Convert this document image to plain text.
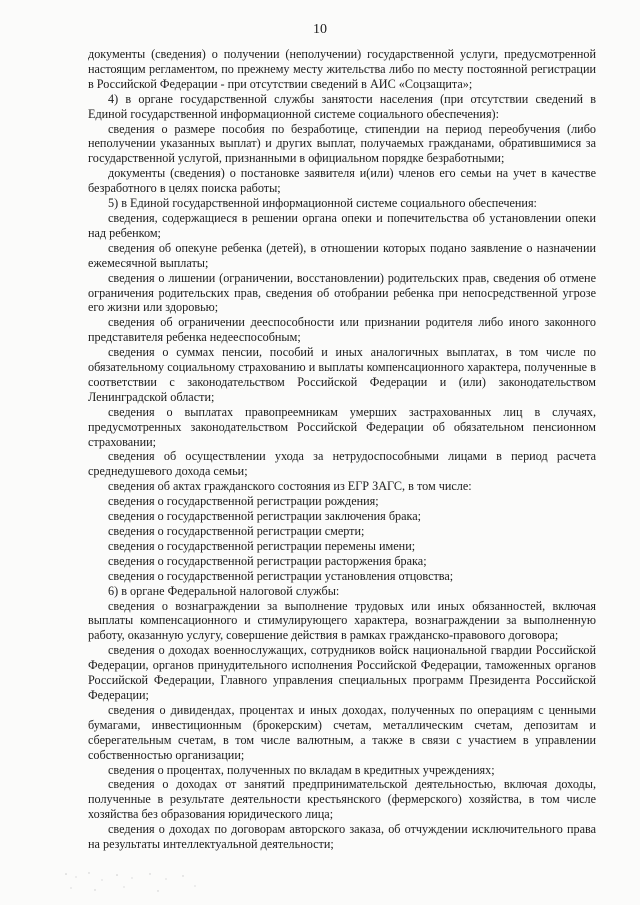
10

документы (сведения) о получении (неполучении) государственной услуги, предусмотренной настоящим регламентом, по прежнему месту жительства либо по месту постоянной регистрации в Российской Федерации - при отсутствии сведений в АИС «Соцзащита»;

4) в органе государственной службы занятости населения (при отсутствии сведений в Единой государственной информационной системе социального обеспечения):

сведения о размере пособия по безработице, стипендии на период переобучения (либо неполучении указанных выплат) и других выплат, получаемых гражданами, обратившимися за государственной услугой, признанными в официальном порядке безработными;

документы (сведения) о постановке заявителя и(или) членов его семьи на учет в качестве безработного в целях поиска работы;

5) в Единой государственной информационной системе социального обеспечения:

сведения, содержащиеся в решении органа опеки и попечительства об установлении опеки над ребенком;

сведения об опекуне ребенка (детей), в отношении которых подано заявление о назначении ежемесячной выплаты;

сведения о лишении (ограничении, восстановлении) родительских прав, сведения об отмене ограничения родительских прав, сведения об отобрании ребенка при непосредственной угрозе его жизни или здоровью;

сведения об ограничении дееспособности или признании родителя либо иного законного представителя ребенка недееспособным;

сведения о суммах пенсии, пособий и иных аналогичных выплатах, в том числе по обязательному социальному страхованию и выплаты компенсационного характера, полученные в соответствии с законодательством Российской Федерации и (или) законодательством Ленинградской области;

сведения о выплатах правопреемникам умерших застрахованных лиц в случаях, предусмотренных законодательством Российской Федерации об обязательном пенсионном страховании;

сведения об осуществлении ухода за нетрудоспособными лицами в период расчета среднедушевого дохода семьи;

сведения об актах гражданского состояния из ЕГР ЗАГС, в том числе:

сведения о государственной регистрации рождения;

сведения о государственной регистрации заключения брака;

сведения о государственной регистрации смерти;

сведения о государственной регистрации перемены имени;

сведения о государственной регистрации расторжения брака;

сведения о государственной регистрации установления отцовства;

6) в органе Федеральной налоговой службы:

сведения о вознаграждении за выполнение трудовых или иных обязанностей, включая выплаты компенсационного и стимулирующего характера, вознаграждении за выполненную работу, оказанную услугу, совершение действия в рамках гражданско-правового договора;

сведения о доходах военнослужащих, сотрудников войск национальной гвардии Российской Федерации, органов принудительного исполнения Российской Федерации, таможенных органов Российской Федерации, Главного управления специальных программ Президента Российской Федерации;

сведения о дивидендах, процентах и иных доходах, полученных по операциям с ценными бумагами, инвестиционным (брокерским) счетам, металлическим счетам, депозитам и сберегательным счетам, в том числе валютным, а также в связи с участием в управлении собственностью организации;

сведения о процентах, полученных по вкладам в кредитных учреждениях;

сведения о доходах от занятий предпринимательской деятельностью, включая доходы, полученные в результате деятельности крестьянского (фермерского) хозяйства, в том числе хозяйства без образования юридического лица;

сведения о доходах по договорам авторского заказа, об отчуждении исключительного права на результаты интеллектуальной деятельности;
